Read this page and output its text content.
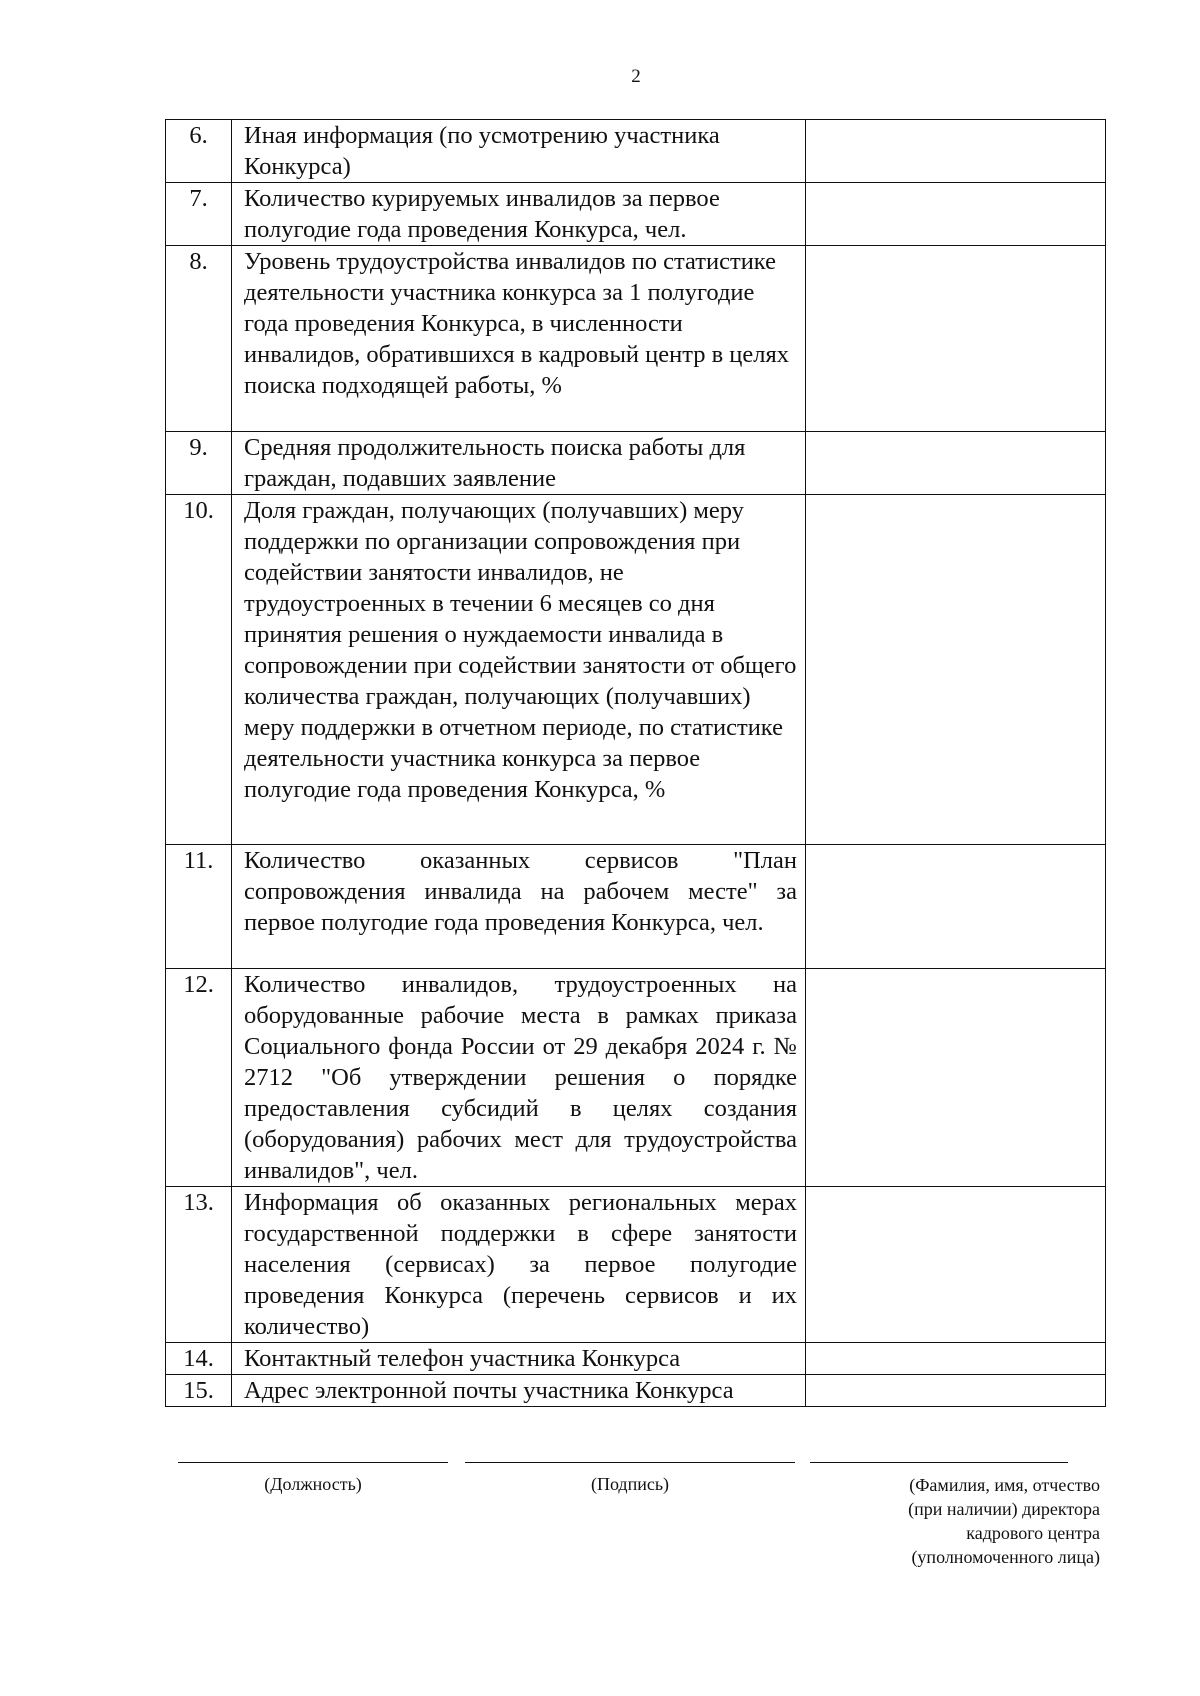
2
6.	Иная информация (по усмотрению участника Конкурса)	
7.	Количество курируемых инвалидов за первое полугодие года проведения Конкурса, чел.	
8.	Уровень трудоустройства инвалидов по статистике деятельности участника конкурса за 1 полугодие года проведения Конкурса, в численности инвалидов, обратившихся в кадровый центр в целях поиска подходящей работы, %	
9.	Средняя продолжительность поиска работы для граждан, подавших заявление	
10.	Доля граждан, получающих (получавших) меру поддержки по организации сопровождения при содействии занятости инвалидов, не трудоустроенных в течении 6 месяцев со дня принятия решения о нуждаемости инвалида в сопровождении при содействии занятости от общего количества граждан, получающих (получавших) меру поддержки в отчетном периоде, по статистике деятельности участника конкурса за первое полугодие года проведения Конкурса, %	
11.	Количество оказанных сервисов "План сопровождения инвалида на рабочем месте" за первое полугодие года проведения Конкурса, чел.	
12.	Количество инвалидов, трудоустроенных на оборудованные рабочие места в рамках приказа Социального фонда России от 29 декабря 2024 г. № 2712 "Об утверждении решения о порядке предоставления субсидий в целях создания (оборудования) рабочих мест для трудоустройства инвалидов", чел.	
13.	Информация об оказанных региональных мерах государственной поддержки в сфере занятости населения (сервисах) за первое полугодие проведения Конкурса (перечень сервисов и их количество)	
14.	Контактный телефон участника Конкурса	
15.	Адрес электронной почты участника Конкурса	
(Должность)	(Подпись)	(Фамилия, имя, отчество
(при наличии) директора
кадрового центра
(уполномоченного лица)
